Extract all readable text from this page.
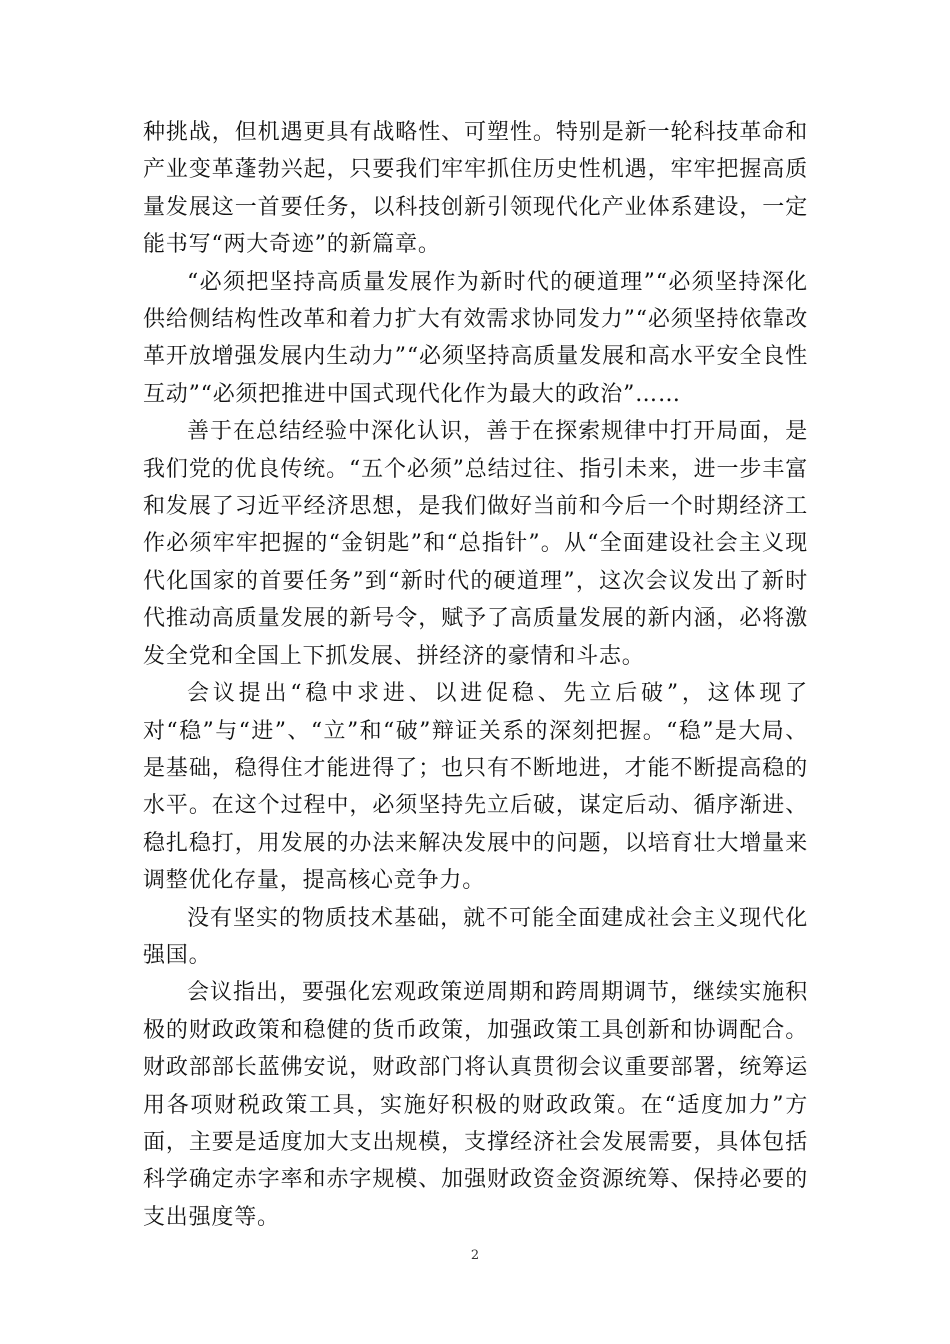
种挑战，但机遇更具有战略性、可塑性。特别是新一轮科技革命和产业变革蓬勃兴起，只要我们牢牢抓住历史性机遇，牢牢把握高质量发展这一首要任务，以科技创新引领现代化产业体系建设，一定能书写“两大奇迹”的新篇章。

“必须把坚持高质量发展作为新时代的硬道理”“必须坚持深化供给侧结构性改革和着力扩大有效需求协同发力”“必须坚持依靠改革开放增强发展内生动力”“必须坚持高质量发展和高水平安全良性互动”“必须把推进中国式现代化作为最大的政治”……

善于在总结经验中深化认识，善于在探索规律中打开局面，是我们党的优良传统。“五个必须”总结过往、指引未来，进一步丰富和发展了习近平经济思想，是我们做好当前和今后一个时期经济工作必须牢牢把握的“金钥匙”和“总指针”。从“全面建设社会主义现代化国家的首要任务”到“新时代的硬道理”，这次会议发出了新时代推动高质量发展的新号令，赋予了高质量发展的新内涵，必将激发全党和全国上下抓发展、拼经济的豪情和斗志。

会议提出“稳中求进、以进促稳、先立后破”，这体现了对“稳”与“进”、“立”和“破”辩证关系的深刻把握。“稳”是大局、是基础，稳得住才能进得了；也只有不断地进，才能不断提高稳的水平。在这个过程中，必须坚持先立后破，谋定后动、循序渐进、稳扎稳打，用发展的办法来解决发展中的问题，以培育壮大增量来调整优化存量，提高核心竞争力。

没有坚实的物质技术基础，就不可能全面建成社会主义现代化强国。

会议指出，要强化宏观政策逆周期和跨周期调节，继续实施积极的财政政策和稳健的货币政策，加强政策工具创新和协调配合。财政部部长蓝佛安说，财政部门将认真贯彻会议重要部署，统筹运用各项财税政策工具，实施好积极的财政政策。在“适度加力”方面，主要是适度加大支出规模，支撑经济社会发展需要，具体包括科学确定赤字率和赤字规模、加强财政资金资源统筹、保持必要的支出强度等。

2
